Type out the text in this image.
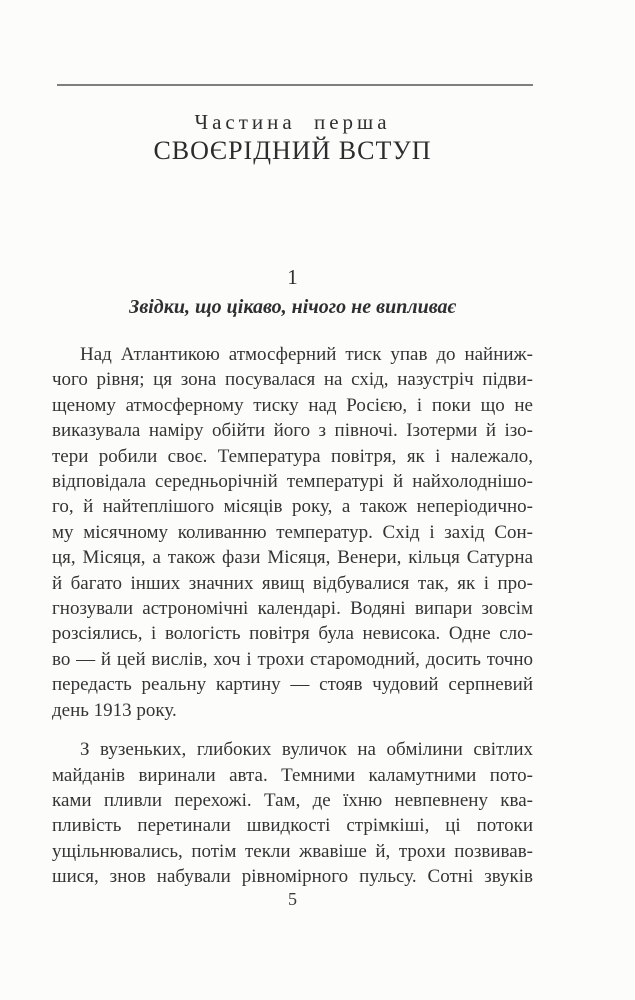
Частина перша
СВОЄРІДНИЙ ВСТУП
1
Звідки, що цікаво, нічого не випливає
Над Атлантикою атмосферний тиск упав до найниж-
чого рівня; ця зона посувалася на схід, назустріч підви-
щеному атмосферному тиску над Росією, і поки що не
виказувала наміру обійти його з півночі. Ізотерми й ізо-
тери робили своє. Температура повітря, як і належало,
відповідала середньорічній температурі й найхолоднішо-
го, й найтеплішого місяців року, а також неперіодично-
му місячному коливанню температур. Схід і захід Сон-
ця, Місяця, а також фази Місяця, Венери, кільця Сатурна
й багато інших значних явищ відбувалися так, як і про-
гнозували астрономічні календарі. Водяні випари зовсім
розсіялись, і вологість повітря була невисока. Одне сло-
во — й цей вислів, хоч і трохи старомодний, досить точно
передасть реальну картину — стояв чудовий серпневий
день 1913 року.
З вузеньких, глибоких вуличок на обмілини світлих
майданів виринали авта. Темними каламутними пото-
ками пливли перехожі. Там, де їхню невпевнену ква-
пливість перетинали швидкості стрімкіші, ці потоки
ущільнювались, потім текли жвавіше й, трохи позвивав-
шися, знов набували рівномірного пульсу. Сотні звуків
5
